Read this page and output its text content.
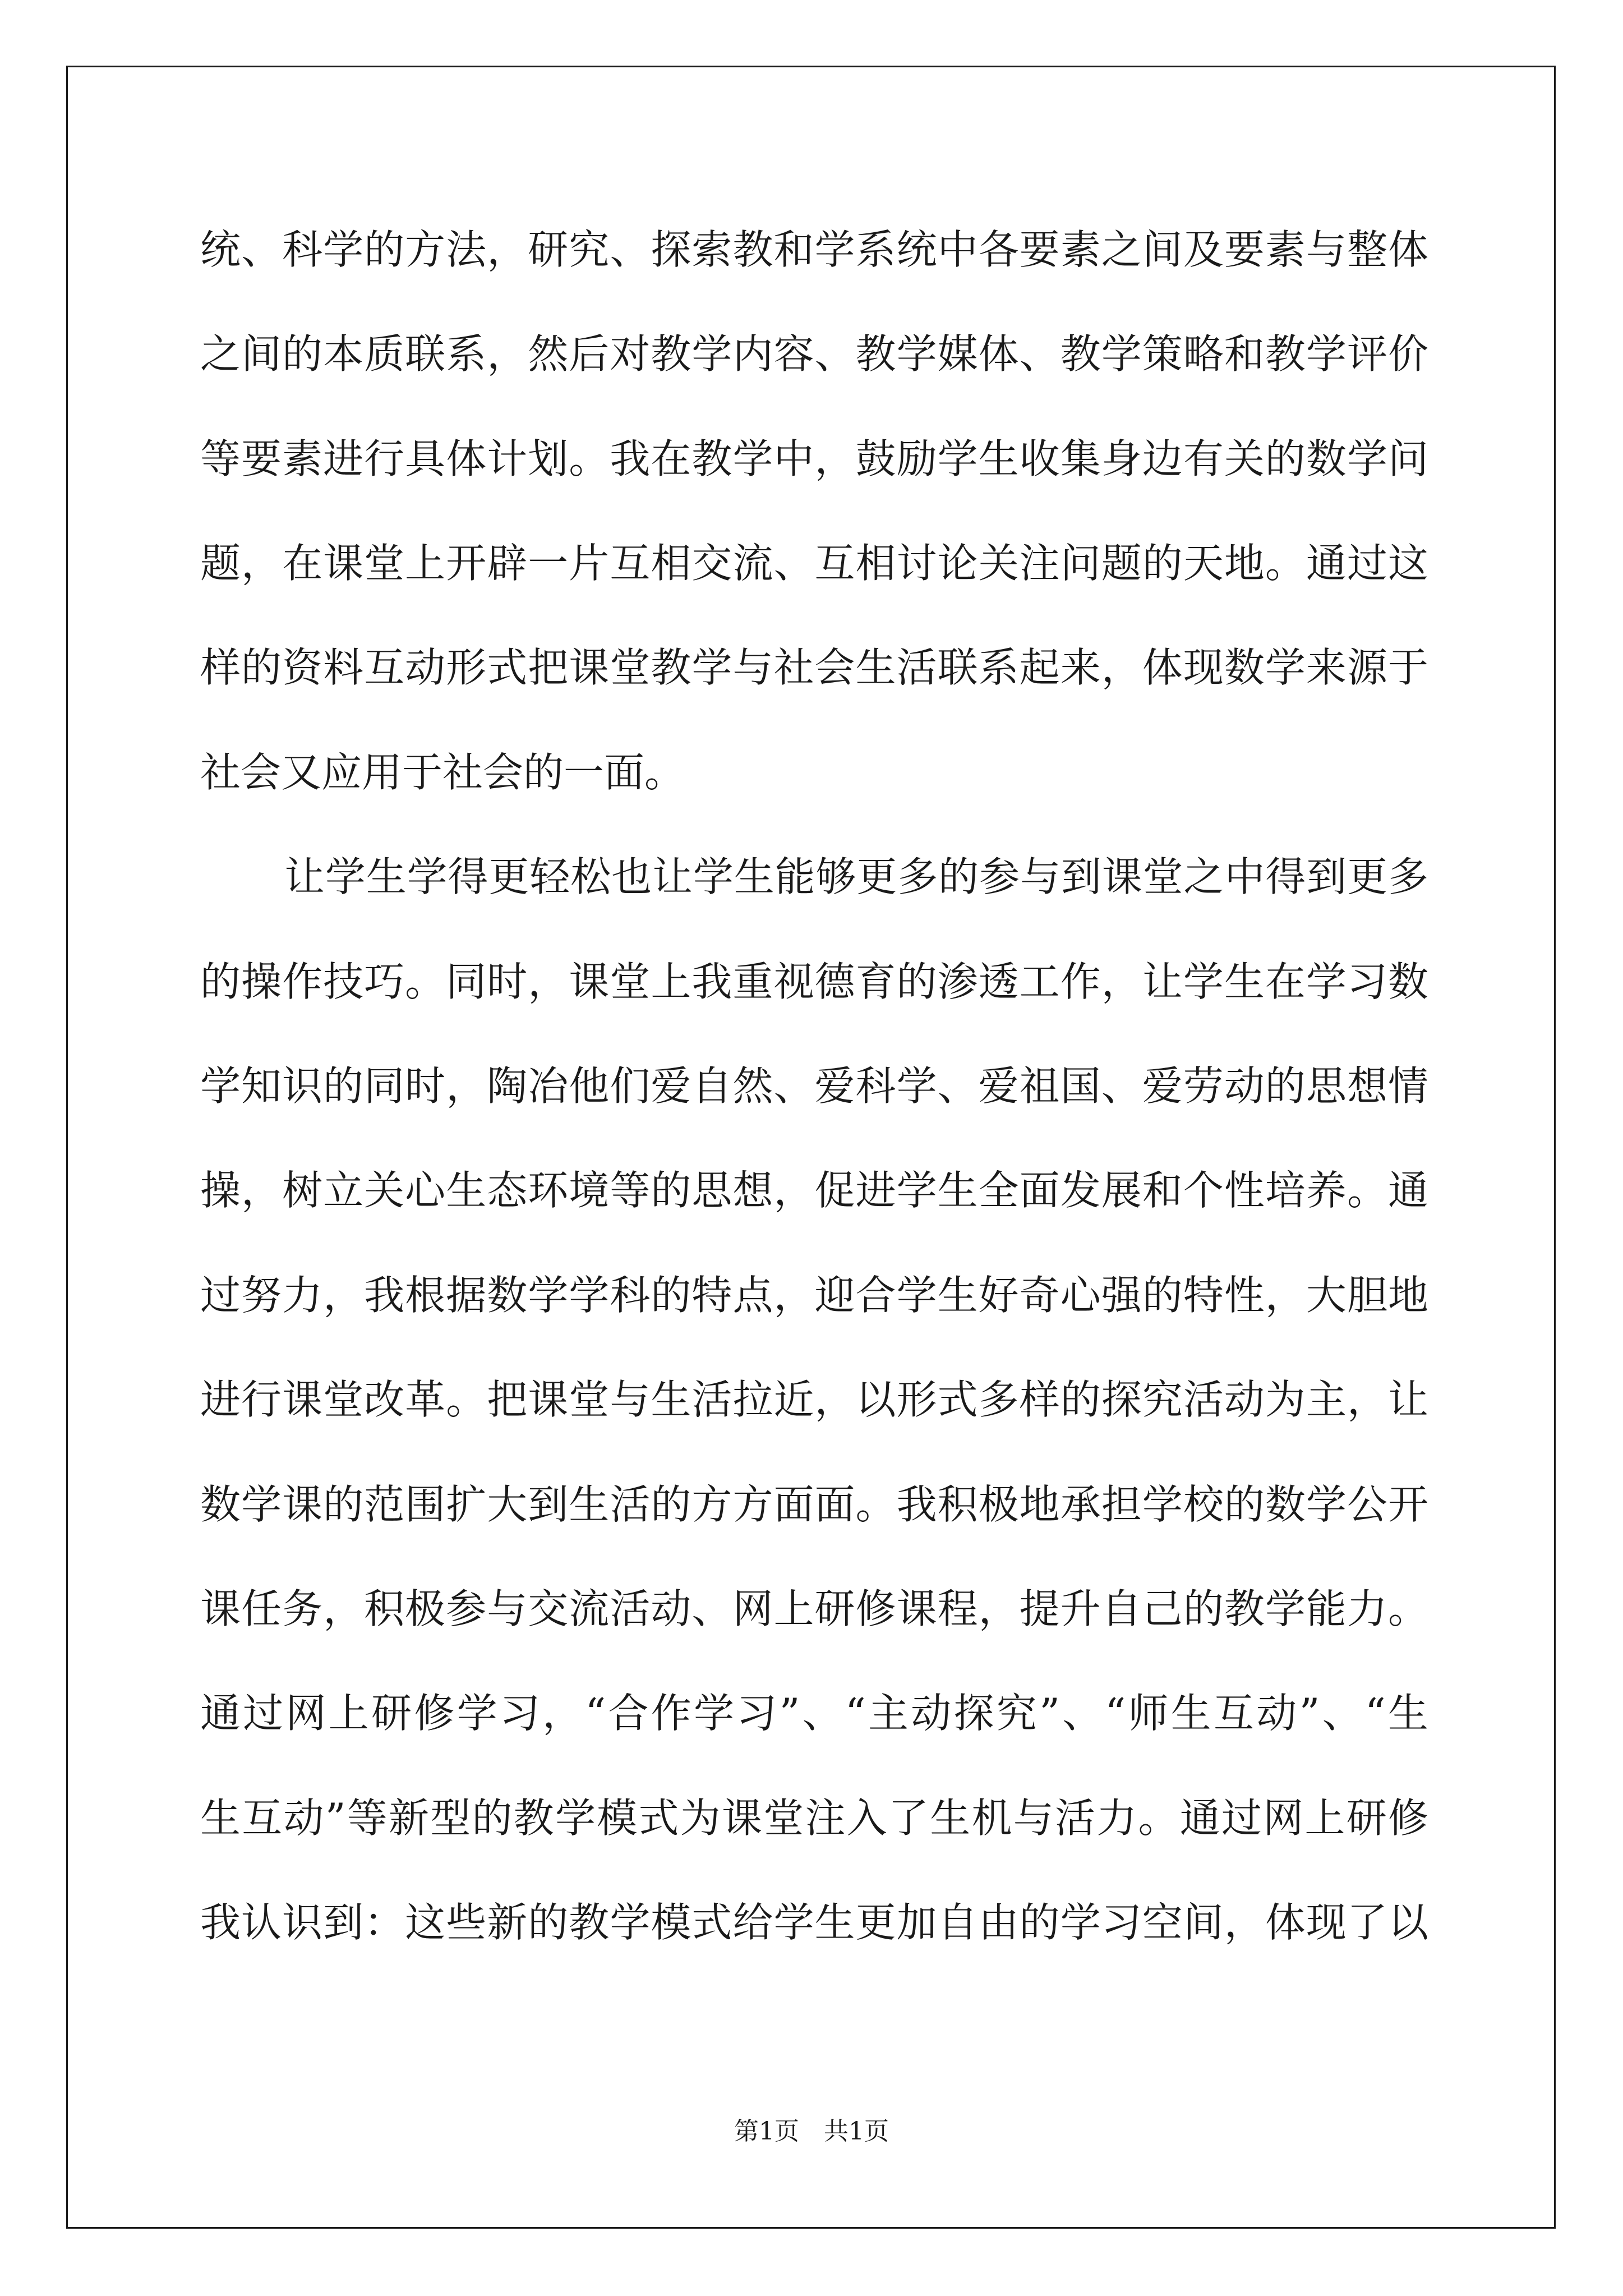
统、科学的方法，研究、探索教和学系统中各要素之间及要素与整体
之间的本质联系，然后对教学内容、教学媒体、教学策略和教学评价
等要素进行具体计划。我在教学中，鼓励学生收集身边有关的数学问
题，在课堂上开辟一片互相交流、互相讨论关注问题的天地。通过这
样的资料互动形式把课堂教学与社会生活联系起来，体现数学来源于
社会又应用于社会的一面。
让学生学得更轻松也让学生能够更多的参与到课堂之中得到更多
的操作技巧。同时，课堂上我重视德育的渗透工作，让学生在学习数
学知识的同时，陶冶他们爱自然、爱科学、爱祖国、爱劳动的思想情
操，树立关心生态环境等的思想，促进学生全面发展和个性培养。通
过努力，我根据数学学科的特点，迎合学生好奇心强的特性，大胆地
进行课堂改革。把课堂与生活拉近，以形式多样的探究活动为主，让
数学课的范围扩大到生活的方方面面。我积极地承担学校的数学公开
课任务，积极参与交流活动、网上研修课程，提升自己的教学能力。
通过网上研修学习，“合作学习”、“主动探究”、“师生互动”、“生
生互动”等新型的教学模式为课堂注入了生机与活力。通过网上研修
我认识到：这些新的教学模式给学生更加自由的学习空间，体现了以
第1页　共1页
